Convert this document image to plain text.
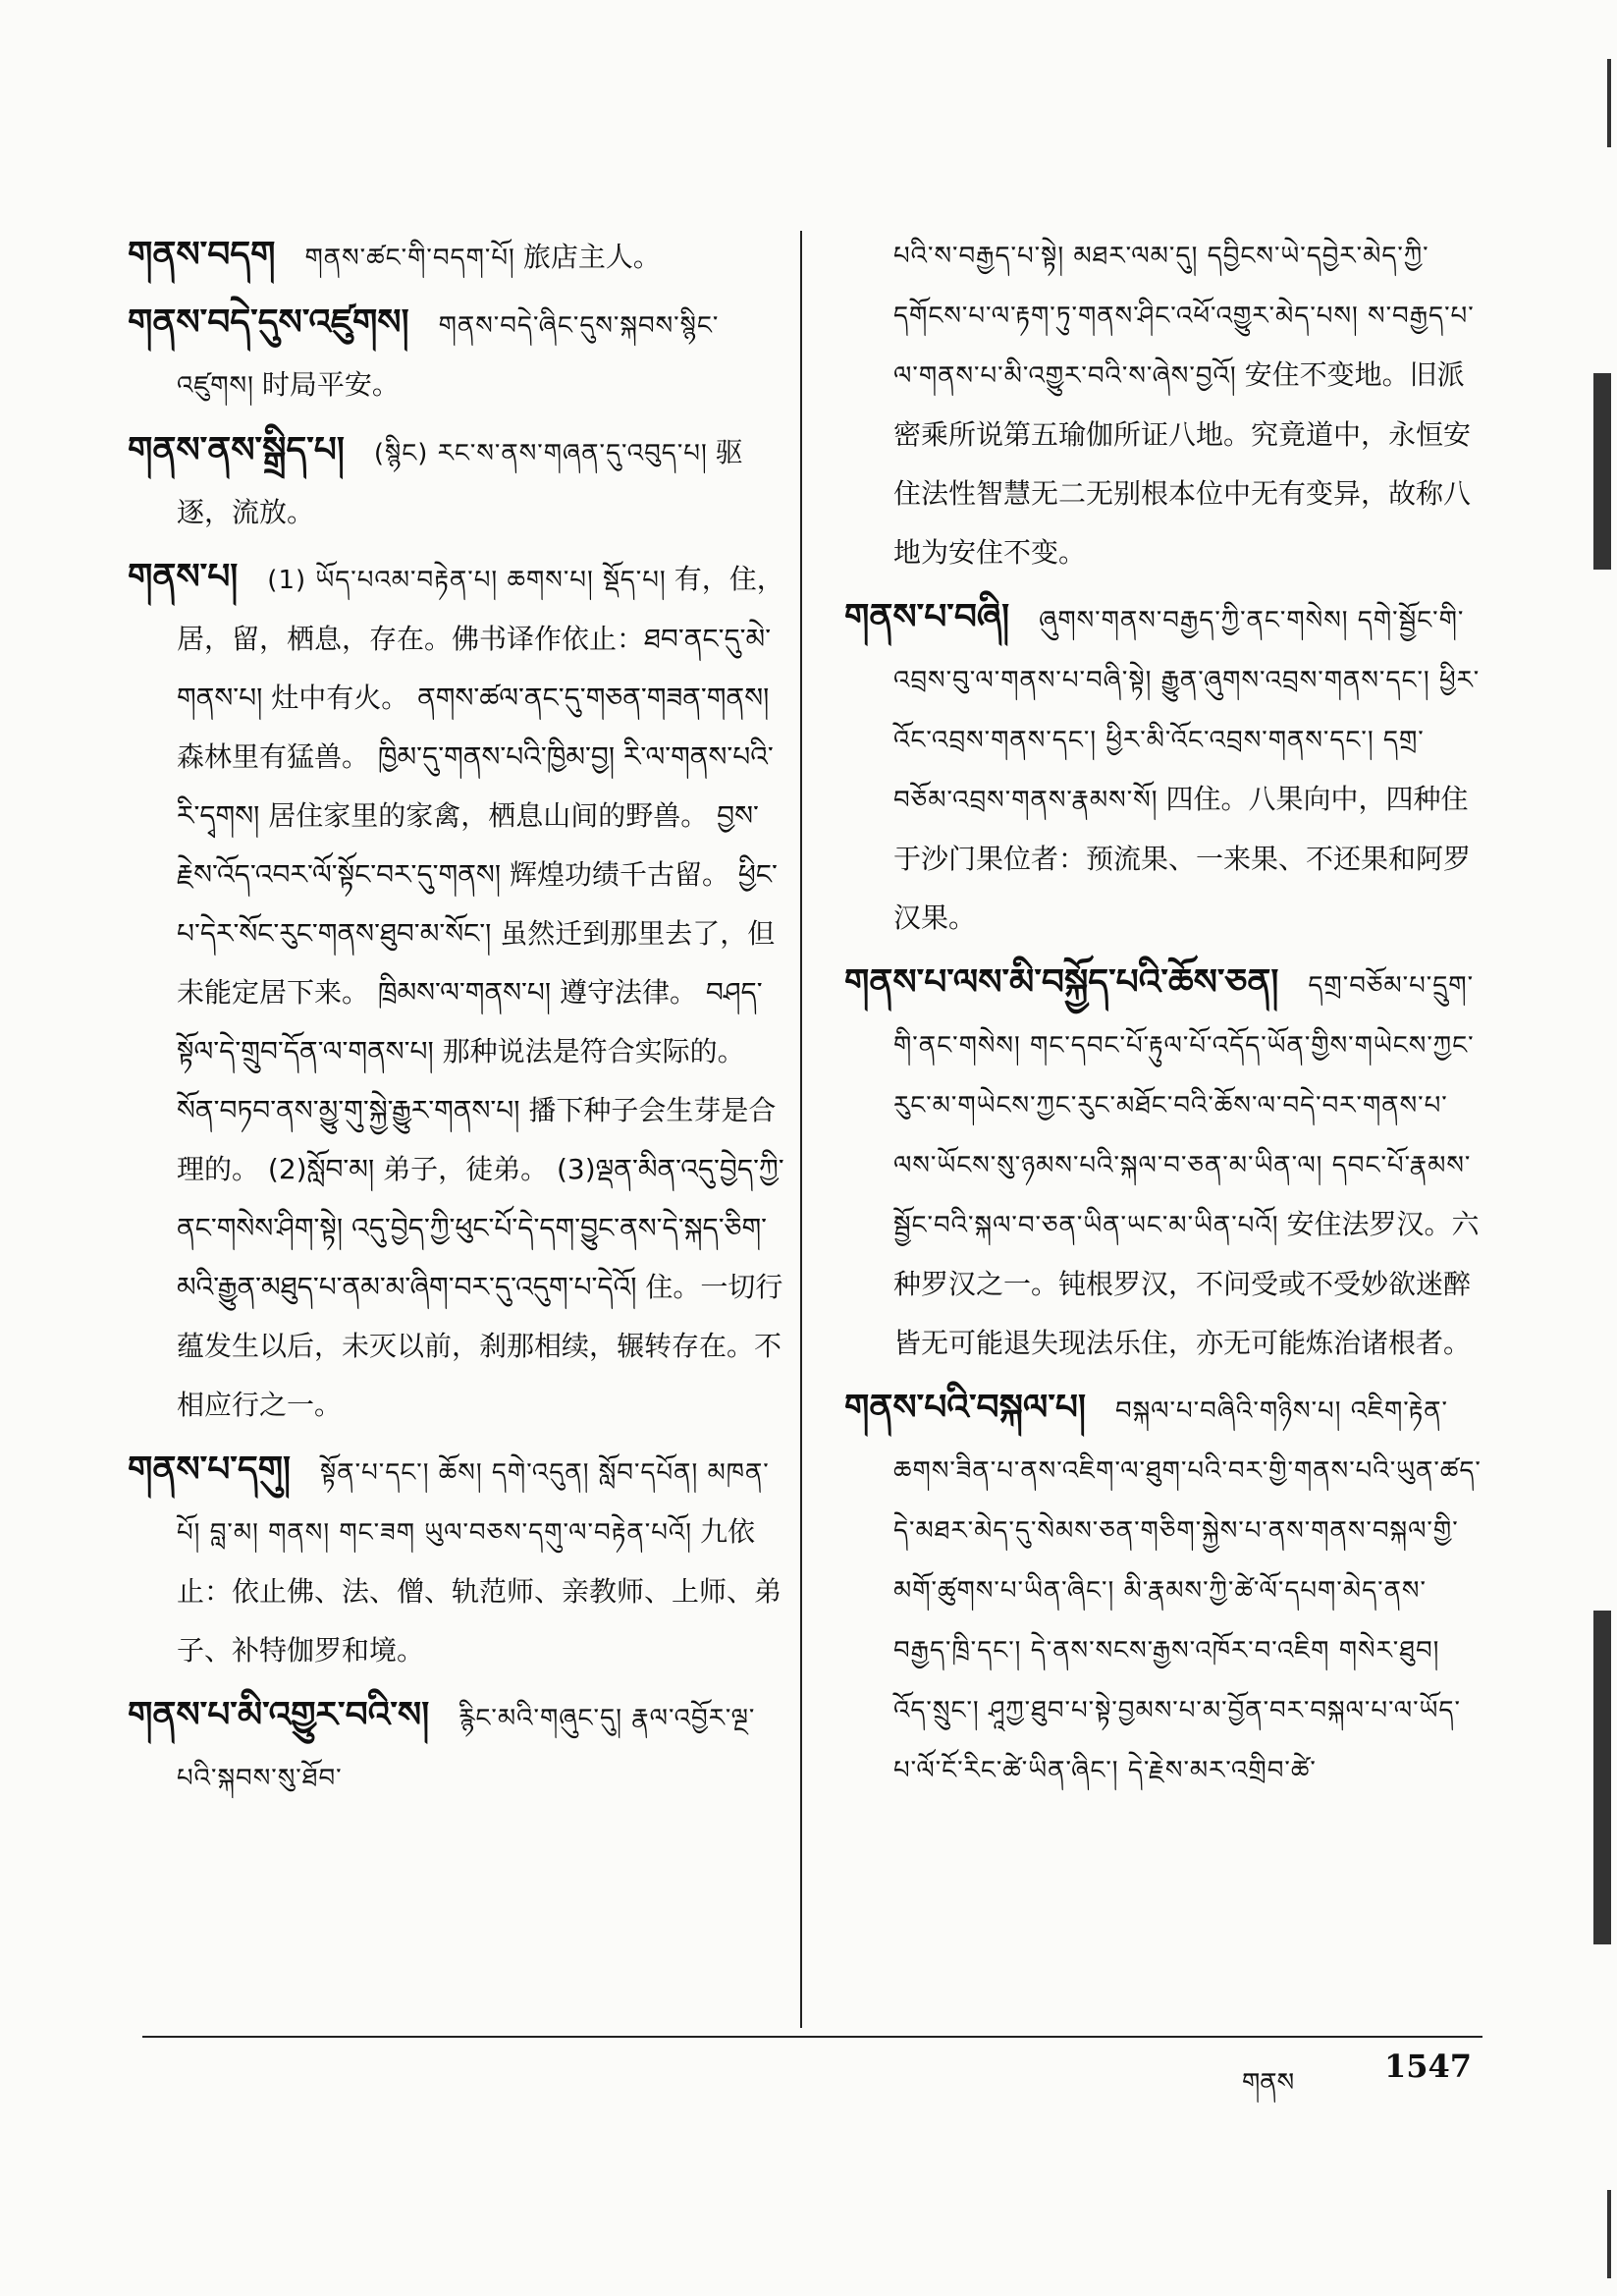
གནས་བདག གནས་ཚང་གི་བདག་པོ། 旅店主人。

གནས་བདེ་དུས་འཛུགས། གནས་བདེ་ཞིང་དུས་སྐབས་སྙིང་འཛུགས། 时局平安。

གནས་ནས་སྒྲིད་པ། (སྙིང) རང་ས་ནས་གཞན་དུ་འབུད་པ། 驱逐，流放。

གནས་པ། (1) ཡོད་པའམ་བརྟེན་པ། ཆགས་པ། སྡོད་པ། 有，住，居，留，栖息，存在。佛书译作依止：ཐབ་ནང་དུ་མེ་གནས་པ། 灶中有火。 ནགས་ཚལ་ནང་དུ་གཅན་གཟན་གནས། 森林里有猛兽。 ཁྱིམ་དུ་གནས་པའི་ཁྱིམ་བྱ། རི་ལ་གནས་པའི་རི་དྭགས། 居住家里的家禽，栖息山间的野兽。 བྱས་རྗེས་འོད་འབར་ལོ་སྟོང་བར་དུ་གནས། 辉煌功绩千古留。 ཕྱིང་པ་དེར་སོང་རུང་གནས་ཐུབ་མ་སོང་། 虽然迁到那里去了，但未能定居下来。 ཁྲིམས་ལ་གནས་པ། 遵守法律。 བཤད་སྟོལ་དེ་གྲུབ་དོན་ལ་གནས་པ། 那种说法是符合实际的。 སོན་བཏབ་ནས་མྱུ་གུ་སྐྱེ་རྒྱུར་གནས་པ། 播下种子会生芽是合理的。 (2)སློབ་མ། 弟子，徒弟。 (3)ལྡན་མིན་འདུ་བྱེད་ཀྱི་ནང་གསེས་ཤིག་སྟེ། འདུ་བྱེད་ཀྱི་ཕུང་པོ་དེ་དག་བྱུང་ནས་དེ་སྐད་ཅིག་མའི་རྒྱུན་མཐུད་པ་ནམ་མ་ཞིག་བར་དུ་འདུག་པ་དེའོ། 住。一切行蕴发生以后，未灭以前，刹那相续，辗转存在。不相应行之一。

གནས་པ་དགུ། སྟོན་པ་དང་། ཆོས། དགེ་འདུན། སློབ་དཔོན། མཁན་པོ། བླ་མ། གནས། གང་ཟག ཡུལ་བཅས་དགུ་ལ་བརྟེན་པའོ། 九依止：依止佛、法、僧、轨范师、亲教师、上师、弟子、补特伽罗和境。

གནས་པ་མི་འགྱུར་བའི་ས། རྙིང་མའི་གཞུང་དུ། རྣལ་འབྱོར་ལྔ་པའི་སྐབས་སུ་ཐོབ་

པའི་ས་བརྒྱད་པ་སྟེ། མཐར་ལམ་དུ། དབྱིངས་ཡེ་དབྱེར་མེད་ཀྱི་དགོངས་པ་ལ་རྟག་ཏུ་གནས་ཤིང་འཕོ་འགྱུར་མེད་པས། ས་བརྒྱད་པ་ལ་གནས་པ་མི་འགྱུར་བའི་ས་ཞེས་བྱའོ། 安住不变地。旧派密乘所说第五瑜伽所证八地。究竟道中，永恒安住法性智慧无二无别根本位中无有变异，故称八地为安住不变。

གནས་པ་བཞི། ཞུགས་གནས་བརྒྱད་ཀྱི་ནང་གསེས། དགེ་སྦྱོང་གི་འབྲས་བུ་ལ་གནས་པ་བཞི་སྟེ། རྒྱུན་ཞུགས་འབྲས་གནས་དང་། ཕྱིར་འོང་འབྲས་གནས་དང་། ཕྱིར་མི་འོང་འབྲས་གནས་དང་། དགྲ་བཅོམ་འབྲས་གནས་རྣམས་སོ། 四住。八果向中，四种住于沙门果位者：预流果、一来果、不还果和阿罗汉果。

གནས་པ་ལས་མི་བསྐྱོད་པའི་ཆོས་ཅན། དགྲ་བཅོམ་པ་དྲུག་གི་ནང་གསེས། གང་དབང་པོ་རྟུལ་པོ་འདོད་ཡོན་གྱིས་གཡེངས་ཀྱང་རུང་མ་གཡེངས་ཀྱང་རུང་མཐོང་བའི་ཆོས་ལ་བདེ་བར་གནས་པ་ལས་ཡོངས་སུ་ཉམས་པའི་སྐལ་བ་ཅན་མ་ཡིན་ལ། དབང་པོ་རྣམས་སྦྱོང་བའི་སྐལ་བ་ཅན་ཡིན་ཡང་མ་ཡིན་པའོ། 安住法罗汉。六种罗汉之一。钝根罗汉，不问受或不受妙欲迷醉皆无可能退失现法乐住，亦无可能炼治诸根者。

གནས་པའི་བསྐལ་པ། བསྐལ་པ་བཞིའི་གཉིས་པ། འཇིག་རྟེན་ཆགས་ཟིན་པ་ནས་འཇིག་ལ་ཐུག་པའི་བར་གྱི་གནས་པའི་ཡུན་ཚད་དེ་མཐར་མེད་དུ་སེམས་ཅན་གཅིག་སྐྱེས་པ་ནས་གནས་བསྐལ་གྱི་མགོ་ཚུགས་པ་ཡིན་ཞིང་། མི་རྣམས་ཀྱི་ཚེ་ལོ་དཔག་མེད་ནས་བརྒྱད་ཁྲི་དང་། དེ་ནས་སངས་རྒྱས་འཁོར་བ་འཇིག གསེར་ཐུབ། འོད་སྲུང་། ཤཱཀྱ་ཐུབ་པ་སྟེ་བྱམས་པ་མ་བྱོན་བར་བསྐལ་པ་ལ་ཡོད་པ་ལོ་ངོ་རིང་ཚེ་ཡིན་ཞིང་། དེ་རྗེས་མར་འགྲིབ་ཚེ་

གནས	1547
